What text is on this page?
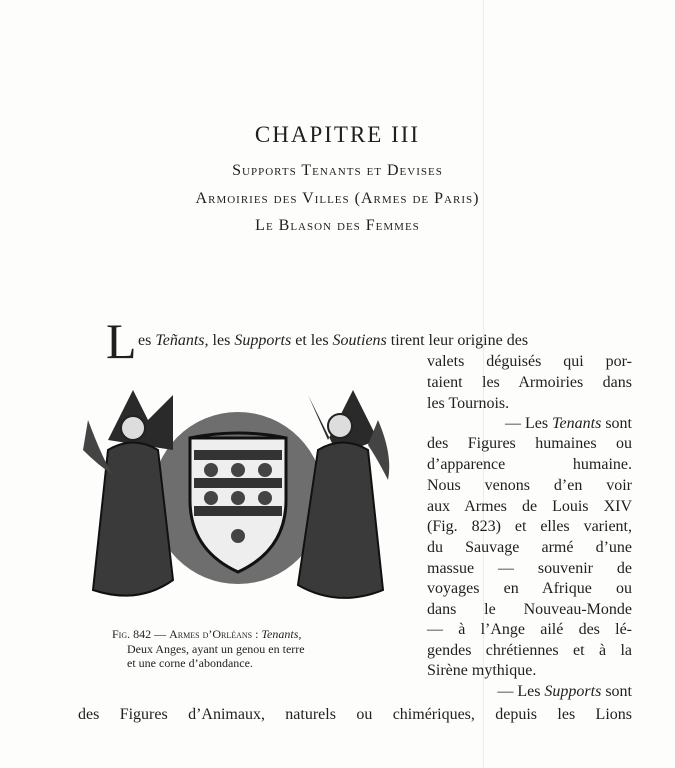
CHAPITRE III
Supports Tenants et Devises
Armoiries des Villes (Armes de Paris)
Le Blason des Femmes
L es Teñants, les Supports et les Soutiens tirent leur origine des
valets déguisés qui por-
taient les Armoiries dans
les Tournois.
— Les Tenants sont
des Figures humaines ou
d’apparence humaine.
Nous venons d’en voir
aux Armes de Louis XIV
(Fig. 823) et elles varient,
du Sauvage armé d’une
massue — souvenir de
voyages en Afrique ou
dans le Nouveau-Monde
— à l’Ange ailé des lé-
gendes chrétiennes et à la
Sirène mythique.
— Les Supports sont
des Figures d’Animaux, naturels ou chimériques, depuis les Lions
Fig. 842 — Armes d’Orléans : Tenants,
Deux Anges, ayant un genou en terre
et une corne d’abondance.
